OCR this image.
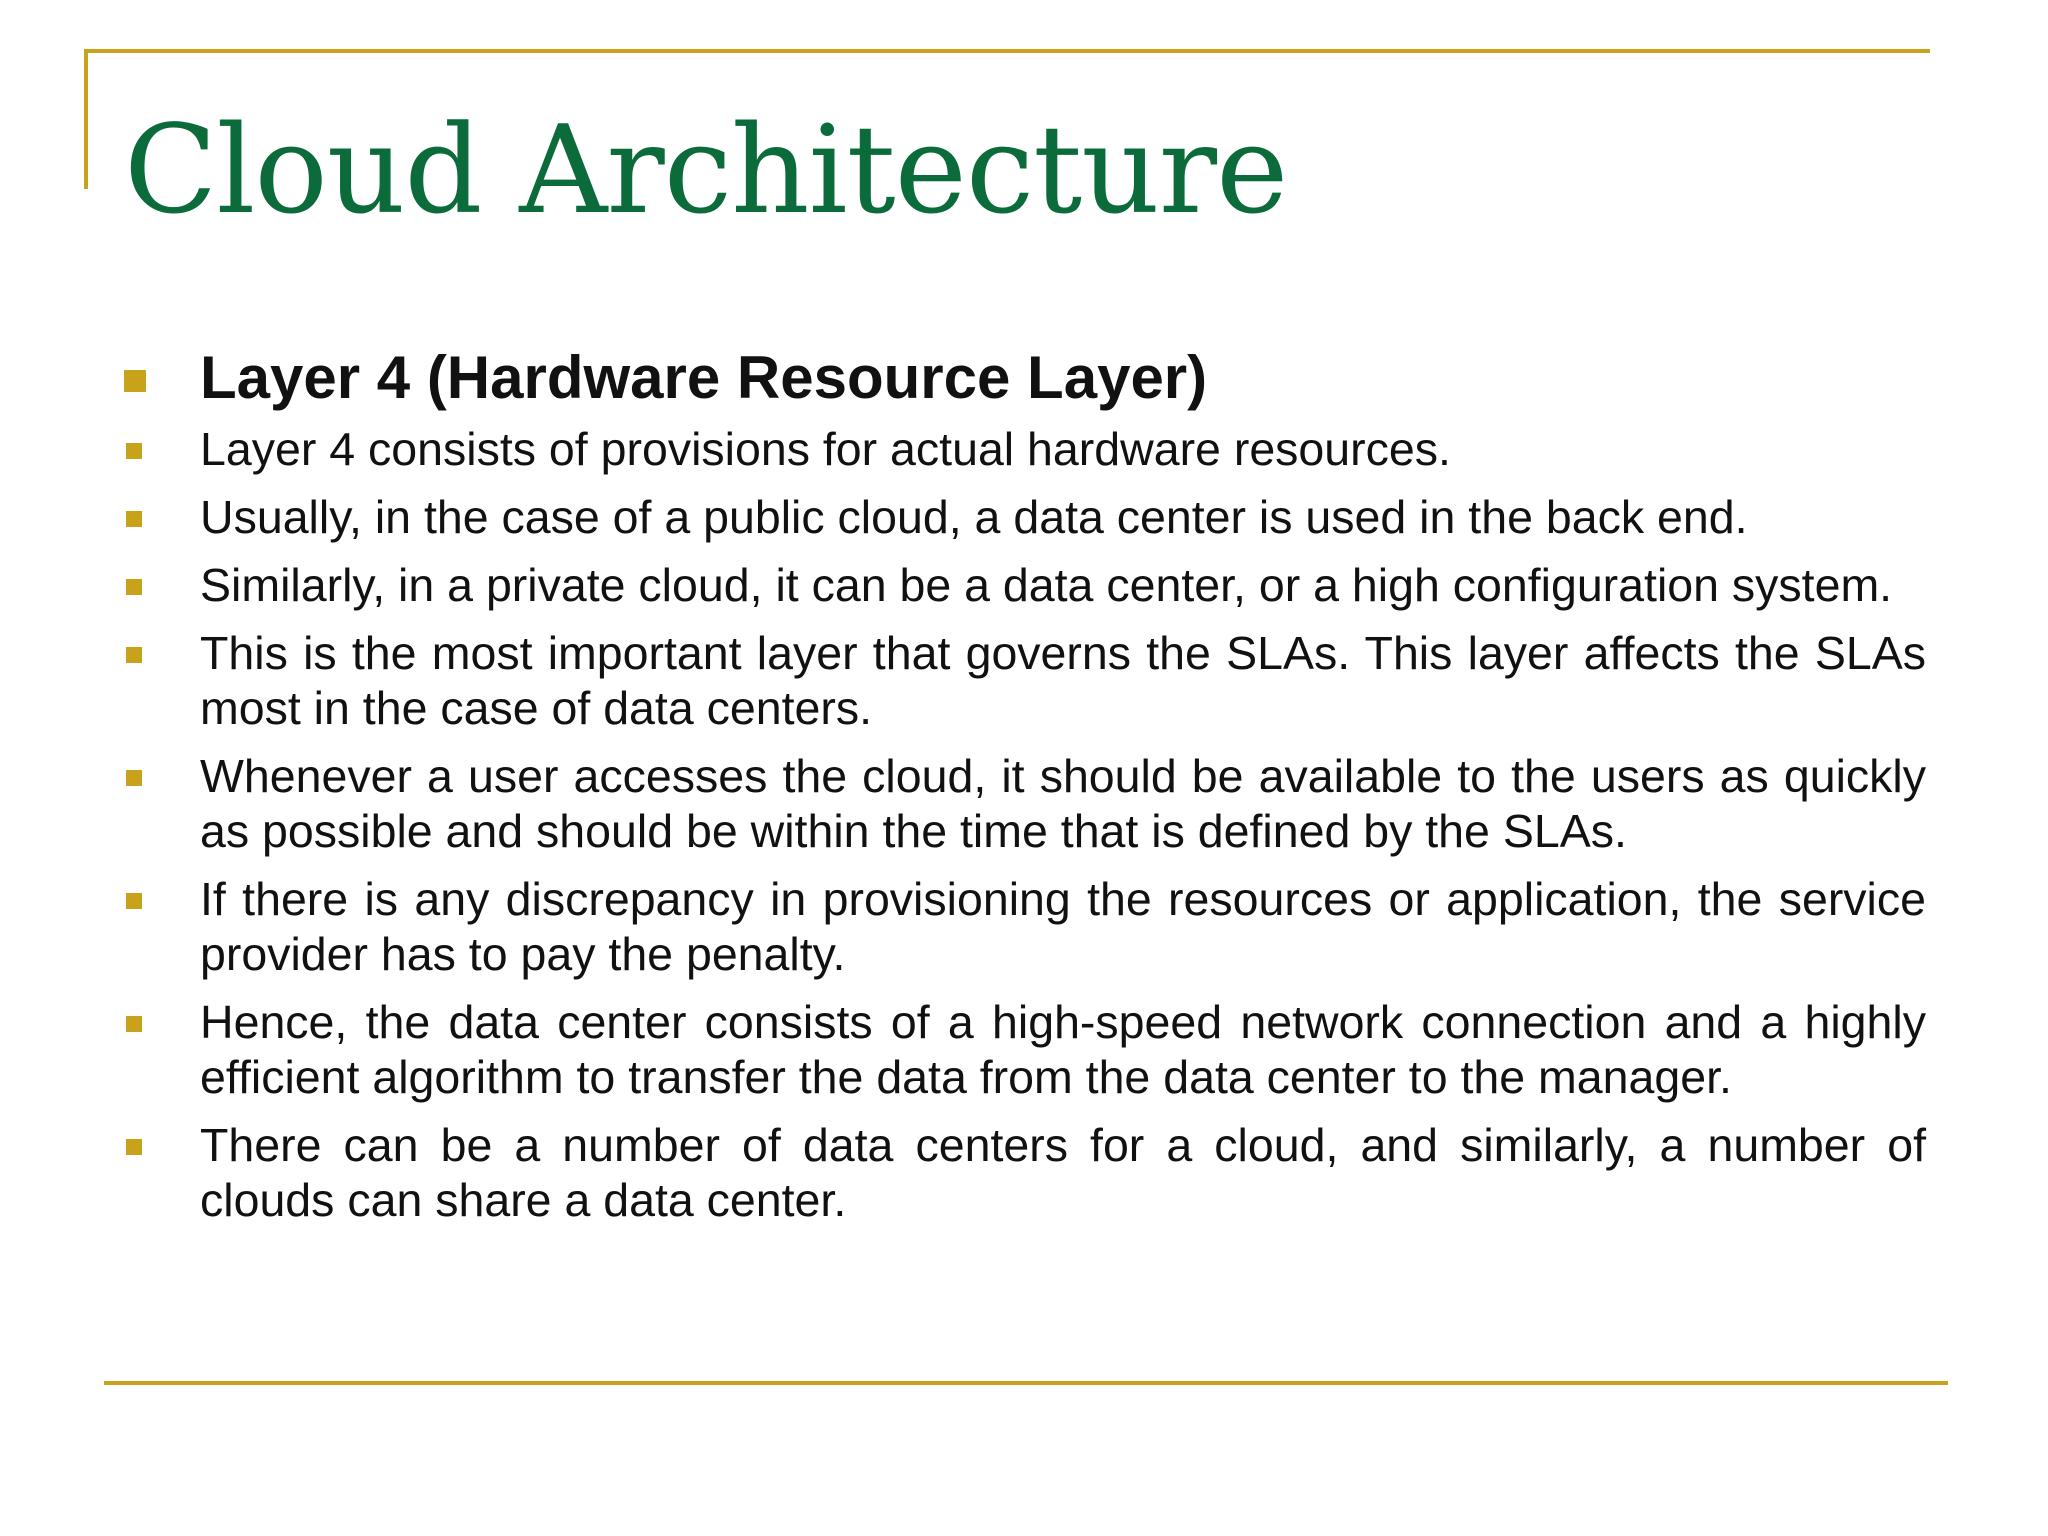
Cloud Architecture
Layer 4 (Hardware Resource Layer)
Layer 4 consists of provisions for actual hardware resources.
Usually, in the case of a public cloud, a data center is used in the back end.
Similarly, in a private cloud, it can be a data center, or a high configuration system.
This is the most important layer that governs the SLAs. This layer affects the SLAs most in the case of data centers.
Whenever a user accesses the cloud, it should be available to the users as quickly as possible and should be within the time that is defined by the SLAs.
If there is any discrepancy in provisioning the resources or application, the service provider has to pay the penalty.
Hence, the data center consists of a high-speed network connection and a highly efficient algorithm to transfer the data from the data center to the manager.
There can be a number of data centers for a cloud, and similarly, a number of clouds can share a data center.
